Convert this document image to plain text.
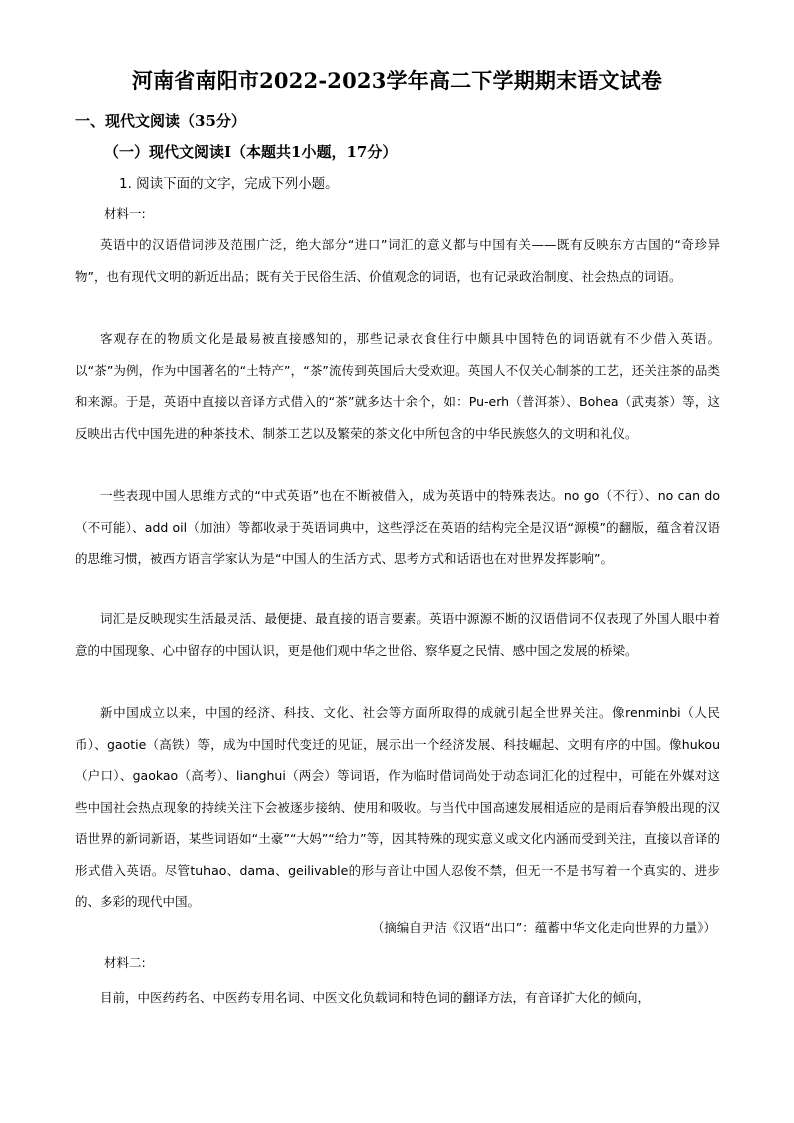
河南省南阳市2022-2023学年高二下学期期末语文试卷
一、现代文阅读（35分）
（一）现代文阅读Ⅰ（本题共1小题，17分）
1. 阅读下面的文字，完成下列小题。
材料一:
英语中的汉语借词涉及范围广泛，绝大部分“进口”词汇的意义都与中国有关——既有反映东方古国的“奇珍异物”，也有现代文明的新近出品；既有关于民俗生活、价值观念的词语，也有记录政治制度、社会热点的词语。
客观存在的物质文化是最易被直接感知的，那些记录衣食住行中颇具中国特色的词语就有不少借入英语。以“茶”为例，作为中国著名的“土特产”，“茶”流传到英国后大受欢迎。英国人不仅关心制茶的工艺，还关注茶的品类和来源。于是，英语中直接以音译方式借入的“茶”就多达十余个，如：Pu-erh（普洱茶）、Bohea（武夷茶）等，这反映出古代中国先进的种茶技术、制茶工艺以及繁荣的茶文化中所包含的中华民族悠久的文明和礼仪。
一些表现中国人思维方式的“中式英语”也在不断被借入，成为英语中的特殊表达。no go（不行）、no can do（不可能）、add oil（加油）等都收录于英语词典中，这些浮泛在英语的结构完全是汉语“源模”的翻版，蕴含着汉语的思维习惯，被西方语言学家认为是“中国人的生活方式、思考方式和话语也在对世界发挥影响”。
词汇是反映现实生活最灵活、最便捷、最直接的语言要素。英语中源源不断的汉语借词不仅表现了外国人眼中着意的中国现象、心中留存的中国认识，更是他们观中华之世俗、察华夏之民情、感中国之发展的桥梁。
新中国成立以来，中国的经济、科技、文化、社会等方面所取得的成就引起全世界关注。像renminbi（人民币）、gaotie（高铁）等，成为中国时代变迁的见证，展示出一个经济发展、科技崛起、文明有序的中国。像hukou（户口）、gaokao（高考）、lianghui（两会）等词语，作为临时借词尚处于动态词汇化的过程中，可能在外媒对这些中国社会热点现象的持续关注下会被逐步接纳、使用和吸收。与当代中国高速发展相适应的是雨后春笋般出现的汉语世界的新词新语，某些词语如“土豪”“大妈”“给力”等，因其特殊的现实意义或文化内涵而受到关注，直接以音译的形式借入英语。尽管tuhao、dama、geilivable的形与音让中国人忍俊不禁，但无一不是书写着一个真实的、进步的、多彩的现代中国。
（摘编自尹洁《汉语“出口”：蕴蓄中华文化走向世界的力量》）
材料二:
目前，中医药药名、中医药专用名词、中医文化负载词和特色词的翻译方法，有音译扩大化的倾向，
